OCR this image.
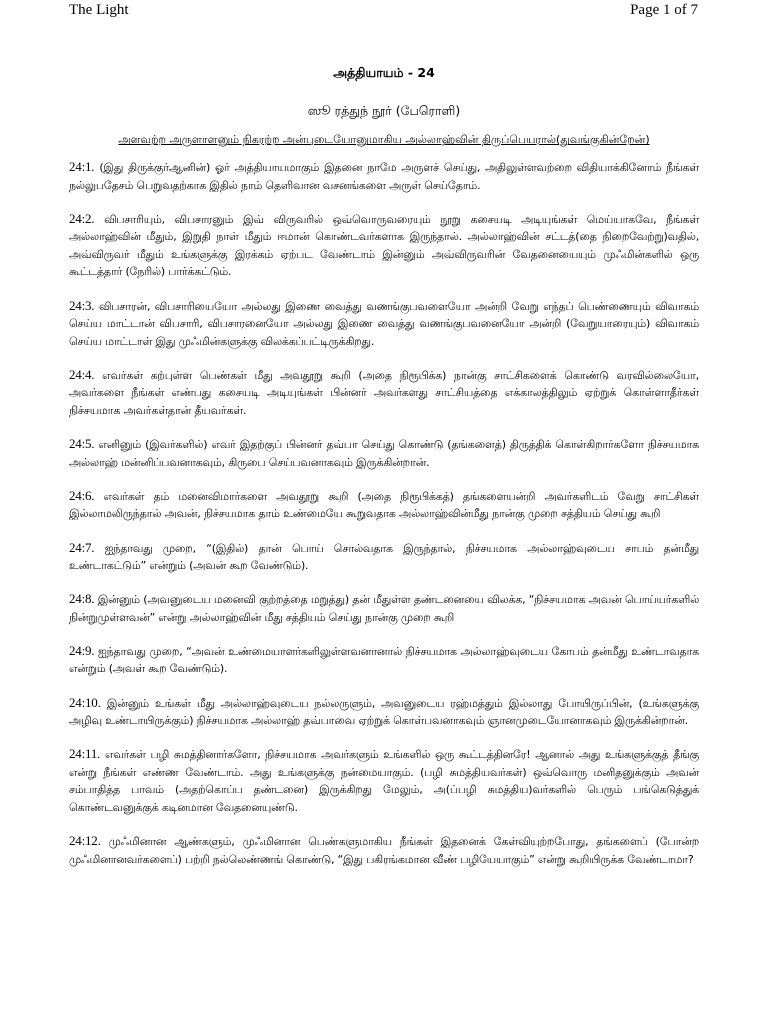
The Light	Page 1 of 7
அத்தியாயம் - 24
ஸூ ரத்துந் நூர் (பேரொளி)
அளவற்ற அருளாளனும் நிகரற்ற அன்புடையோனுமாகிய அல்லாஹ்வின் திருப்பெயரால்(துவங்குகின்றேன்)
24:1. (இது திருக்குர்ஆனின்) ஓர் அத்தியாயமாகும் இதனை நாமே அருளச் செய்து, அதிலுள்ளவற்றை விதியாக்கினோம் நீங்கள் நல்லுபதேசம் பெறுவதற்காக இதில் நாம் தெளிவான வசனங்களை அருள் செய்தோம்.
24:2. விபசாரியும், விபசாரனும் இவ் விருவரில் ஒவ்வொருவரையும் நூறு கசையடி அடியுங்கள் மெய்யாகவே, நீங்கள் அல்லாஹ்வின் மீதும், இறுதி நாள் மீதும் ஈமான் கொண்டவர்களாக இருந்தால். அல்லாஹ்வின் சட்டத்(தை நிறைவேற்று)வதில், அவ்விருவர் மீதும் உங்களுக்கு இரக்கம் ஏற்பட வேண்டாம் இன்னும் அவ்விருவரின் வேதனையையும் முஃமின்களில் ஒரு கூட்டத்தார் (நேரில்) பார்க்கட்டும்.
24:3. விபசாரன், விபசாரியையோ அல்லது இணை வைத்து வணங்குபவளையோ அன்றி வேறு எந்தப் பெண்ணையும் விவாகம் செய்ய மாட்டான் விபசாரி, விபசாரனையோ அல்லது இணை வைத்து வணங்குபவனையோ அன்றி (வேறுயாரையும்) விவாகம் செய்ய மாட்டாள் இது முஃமின்களுக்கு விலக்கப்பட்டிருக்கிறது.
24:4. எவர்கள் கற்புள்ள பெண்கள் மீது அவதூறு கூறி (அதை நிரூபிக்க) நான்கு சாட்சிகளைக் கொண்டு வரவில்லையோ, அவர்களை நீங்கள் எண்பது கசையடி அடியுங்கள் பின்னர் அவர்களது சாட்சியத்தை எக்காலத்திலும் ஏற்றுக் கொள்ளாதீர்கள் நிச்சயமாக அவர்கள்தான் தீயவர்கள்.
24:5. எனினும் (இவர்களில்) எவர் இதற்குப் பின்னர் தவ்பா செய்து கொண்டு (தங்களைத்) திருத்திக் கொள்கிறார்களோ நிச்சயமாக அல்லாஹ் மன்னிப்பவனாகவும், கிருபை செய்பவனாகவும் இருக்கின்றான்.
24:6. எவர்கள் தம் மனைவிமார்களை அவதூறு கூறி (அதை நிரூபிக்கத்) தங்களையன்றி அவர்களிடம் வேறு சாட்சிகள் இல்லாமலிருந்தால் அவன், நிச்சயமாக தாம் உண்மையே கூறுவதாக அல்லாஹ்வின்மீது நான்கு முறை சத்தியம் செய்து கூறி
24:7. ஐந்தாவது முறை, “(இதில்) தான் பொய் சொல்வதாக இருந்தால், நிச்சயமாக அல்லாஹ்வுடைய சாபம் தன்மீது உண்டாகட்டும்” என்றும் (அவன் கூற வேண்டும்).
24:8. இன்னும் (அவனுடைய மனைவி குற்றத்தை மறுத்து) தன் மீதுள்ள தண்டனையை விலக்க, “நிச்சயமாக அவன் பொய்யர்களில் நின்றுமுள்ளவன்” என்று அல்லாஹ்வின் மீது சத்தியம் செய்து நான்கு முறை கூறி
24:9. ஐந்தாவது முறை, “அவன் உண்மையாளர்களிலுள்ளவனானால் நிச்சயமாக அல்லாஹ்வுடைய கோபம் தன்மீது உண்டாவதாக என்றும் (அவள் கூற வேண்டும்).
24:10. இன்னும் உங்கள் மீது அல்லாஹ்வுடைய நல்லருளும், அவனுடைய ரஹ்மத்தும் இல்லாது போயிருப்பின், (உங்களுக்கு அழிவு உண்டாயிருக்கும்) நிச்சயமாக அல்லாஹ் தவ்பாவை ஏற்றுக் கொள்பவனாகவும் ஞானமுடையோனாகவும் இருக்கின்றான்.
24:11. எவர்கள் பழி சுமத்தினார்களோ, நிச்சயமாக அவர்களும் உங்களில் ஒரு கூட்டத்தினரே! ஆனால் அது உங்களுக்குத் தீங்கு என்று நீங்கள் எண்ண வேண்டாம். அது உங்களுக்கு நன்மையாகும். (பழி சுமத்தியவர்கள்) ஒவ்வொரு மனிதனுக்கும் அவன் சம்பாதித்த பாவம் (அதற்கொப்ப தண்டனை) இருக்கிறது மேலும், அ(ப்பழி சுமத்திய)வர்களில் பெரும் பங்கெடுத்துக் கொண்டவனுக்குக் கடினமான வேதனையுண்டு.
24:12. முஃமினான ஆண்களும், முஃமினான பெண்களுமாகிய நீங்கள் இதனைக் கேள்வியுற்றபோது, தங்களைப் (போன்ற முஃமினானவர்களைப்) பற்றி நல்லெண்ணங் கொண்டு, “இது பகிரங்கமான வீண் பழியேயாகும்” என்று கூறியிருக்க வேண்டாமா?
